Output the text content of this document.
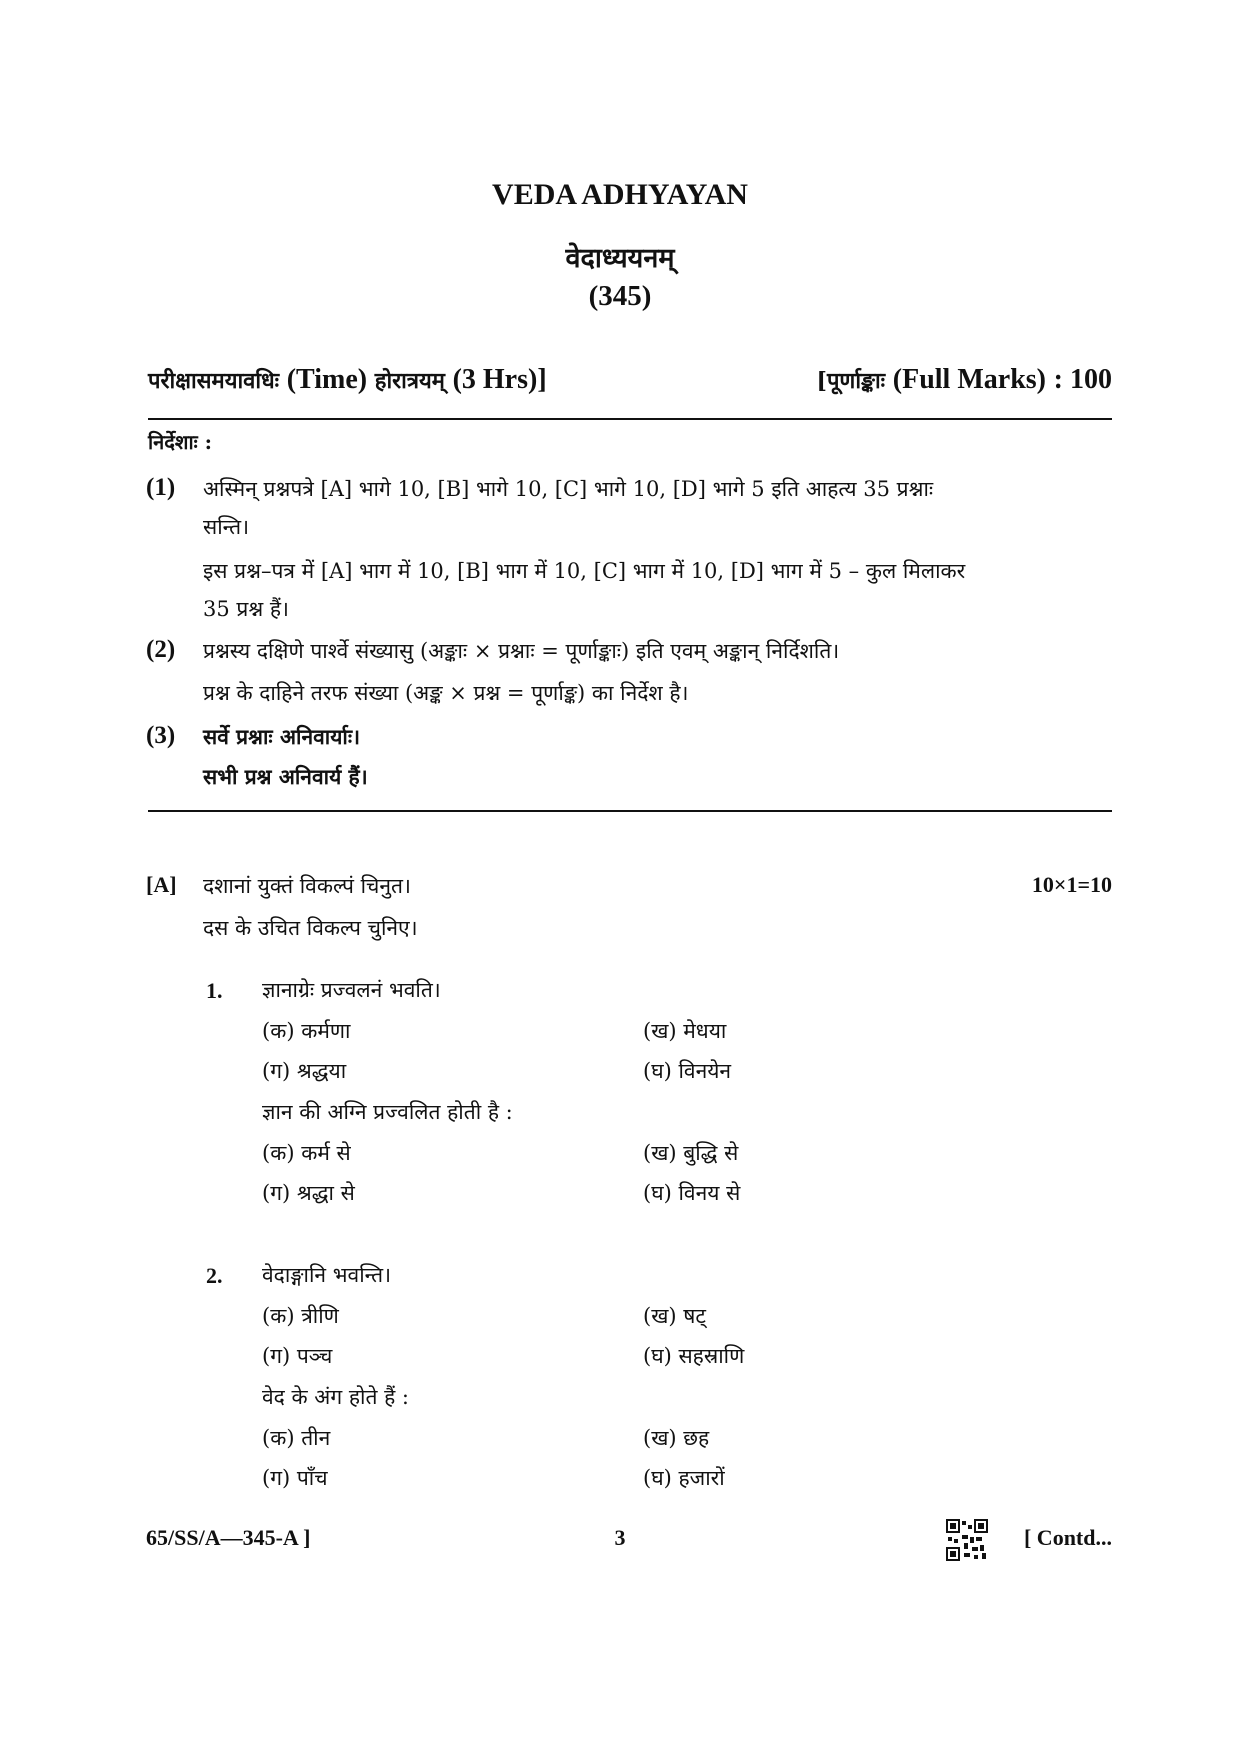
VEDA ADHYAYAN
वेदाध्ययनम्
(345)
परीक्षासमयावधिः (Time) होरात्रयम् (3 Hrs)]	[पूर्णाङ्काः (Full Marks) : 100
निर्देशाः :
(1) अस्मिन् प्रश्नपत्रे [A] भागे 10, [B] भागे 10, [C] भागे 10, [D] भागे 5 इति आहत्य 35 प्रश्नाः
सन्ति।
इस प्रश्न–पत्र में [A] भाग में 10, [B] भाग में 10, [C] भाग में 10, [D] भाग में 5 – कुल मिलाकर
35 प्रश्न हैं।
(2) प्रश्नस्य दक्षिणे पार्श्वे संख्यासु (अङ्काः × प्रश्नाः = पूर्णाङ्काः) इति एवम् अङ्कान् निर्दिशति।
प्रश्न के दाहिने तरफ संख्या (अङ्क × प्रश्न = पूर्णाङ्क) का निर्देश है।
(3) सर्वे प्रश्नाः अनिवार्याः।
सभी प्रश्न अनिवार्य हैं।
[A] दशानां युक्तं विकल्पं चिनुत।	10×1=10
दस के उचित विकल्प चुनिए।
1. ज्ञानाग्रेः प्रज्वलनं भवति।
(क) कर्मणा	(ख) मेधया
(ग) श्रद्धया	(घ) विनयेन
ज्ञान की अग्नि प्रज्वलित होती है :
(क) कर्म से	(ख) बुद्धि से
(ग) श्रद्धा से	(घ) विनय से
2. वेदाङ्गानि भवन्ति।
(क) त्रीणि	(ख) षट्
(ग) पञ्च	(घ) सहस्राणि
वेद के अंग होते हैं :
(क) तीन	(ख) छह
(ग) पाँच	(घ) हजारों
65/SS/A—345-A ]	3	[ Contd...
